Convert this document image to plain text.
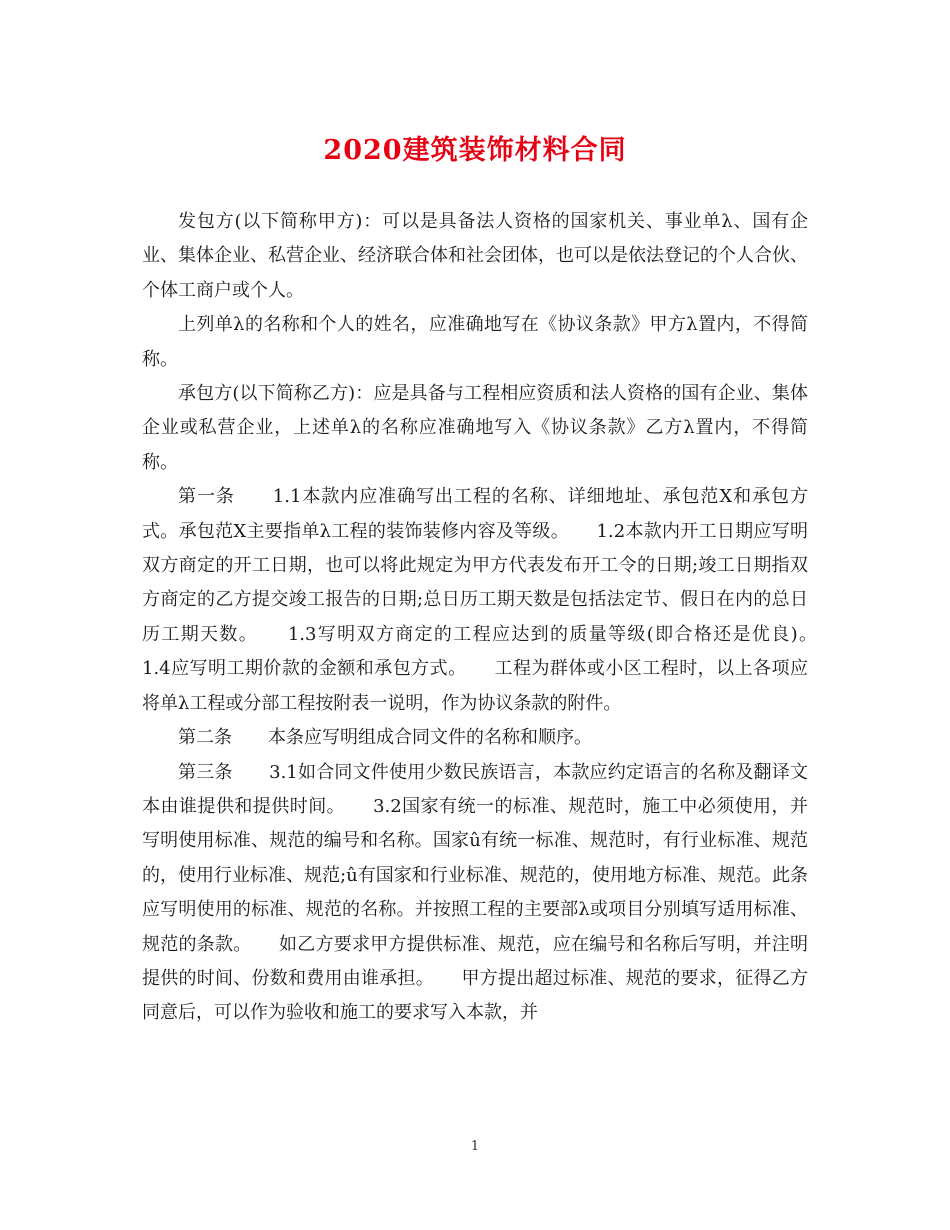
2020建筑装饰材料合同

发包方(以下简称甲方)：可以是具备法人资格的国家机关、事业单λ、国有企业、集体企业、私营企业、经济联合体和社会团体，也可以是依法登记的个人合伙、个体工商户或个人。

上列单λ的名称和个人的姓名，应准确地写在《协议条款》甲方λ置内，不得简称。

承包方(以下简称乙方)：应是具备与工程相应资质和法人资格的国有企业、集体企业或私营企业，上述单λ的名称应准确地写入《协议条款》乙方λ置内，不得简称。

第一条　　1.1本款内应准确写出工程的名称、详细地址、承包范X和承包方式。承包范X主要指单λ工程的装饰装修内容及等级。　　1.2本款内开工日期应写明双方商定的开工日期，也可以将此规定为甲方代表发布开工令的日期;竣工日期指双方商定的乙方提交竣工报告的日期;总日历工期天数是包括法定节、假日在内的总日历工期天数。　　1.3写明双方商定的工程应达到的质量等级(即合格还是优良)。　　1.4应写明工期价款的金额和承包方式。　　工程为群体或小区工程时，以上各项应将单λ工程或分部工程按附表一说明，作为协议条款的附件。

第二条　　本条应写明组成合同文件的名称和顺序。

第三条　　3.1如合同文件使用少数民族语言，本款应约定语言的名称及翻译文本由谁提供和提供时间。　　3.2国家有统一的标准、规范时，施工中必须使用，并写明使用标准、规范的编号和名称。国家û有统一标准、规范时，有行业标准、规范的，使用行业标准、规范;û有国家和行业标准、规范的，使用地方标准、规范。此条应写明使用的标准、规范的名称。并按照工程的主要部λ或项目分别填写适用标准、规范的条款。　　如乙方要求甲方提供标准、规范，应在编号和名称后写明，并注明提供的时间、份数和费用由谁承担。　　甲方提出超过标准、规范的要求，征得乙方同意后，可以作为验收和施工的要求写入本款，并

1
